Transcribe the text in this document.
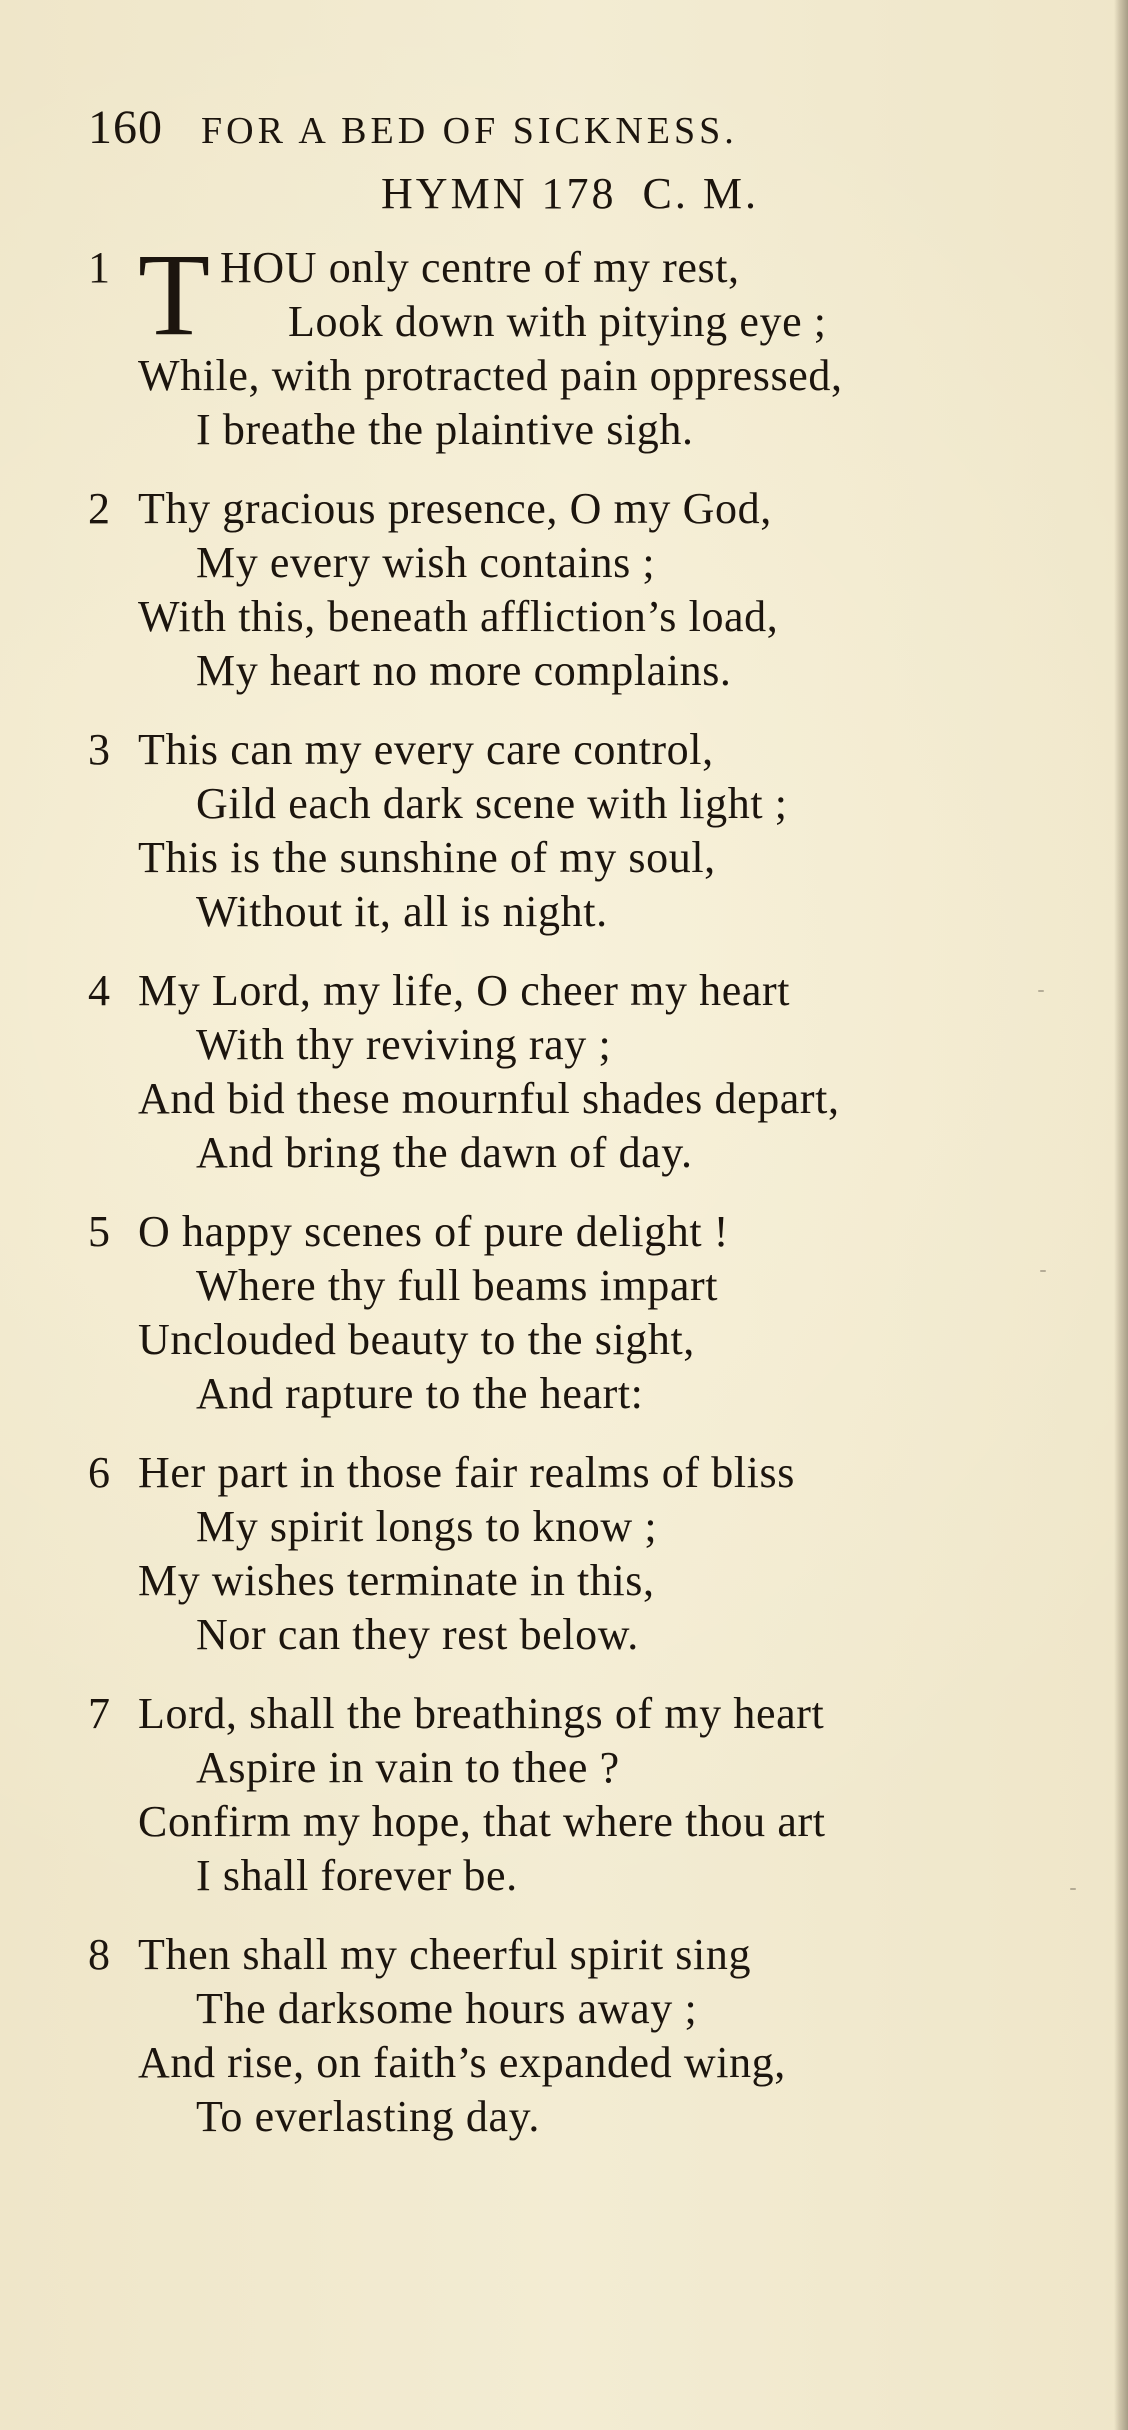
160 FOR A BED OF SICKNESS.
HYMN 178 C. M.
1 T HOU only centre of my rest,
Look down with pitying eye ;
While, with protracted pain oppressed,
I breathe the plaintive sigh.
2 Thy gracious presence, O my God,
My every wish contains ;
With this, beneath affliction’s load,
My heart no more complains.
3 This can my every care control,
Gild each dark scene with light ;
This is the sunshine of my soul,
Without it, all is night.
4 My Lord, my life, O cheer my heart
With thy reviving ray ;
And bid these mournful shades depart,
And bring the dawn of day.
5 O happy scenes of pure delight !
Where thy full beams impart
Unclouded beauty to the sight,
And rapture to the heart:
6 Her part in those fair realms of bliss
My spirit longs to know ;
My wishes terminate in this,
Nor can they rest below.
7 Lord, shall the breathings of my heart
Aspire in vain to thee ?
Confirm my hope, that where thou art
I shall forever be.
8 Then shall my cheerful spirit sing
The darksome hours away ;
And rise, on faith’s expanded wing,
To everlasting day.
